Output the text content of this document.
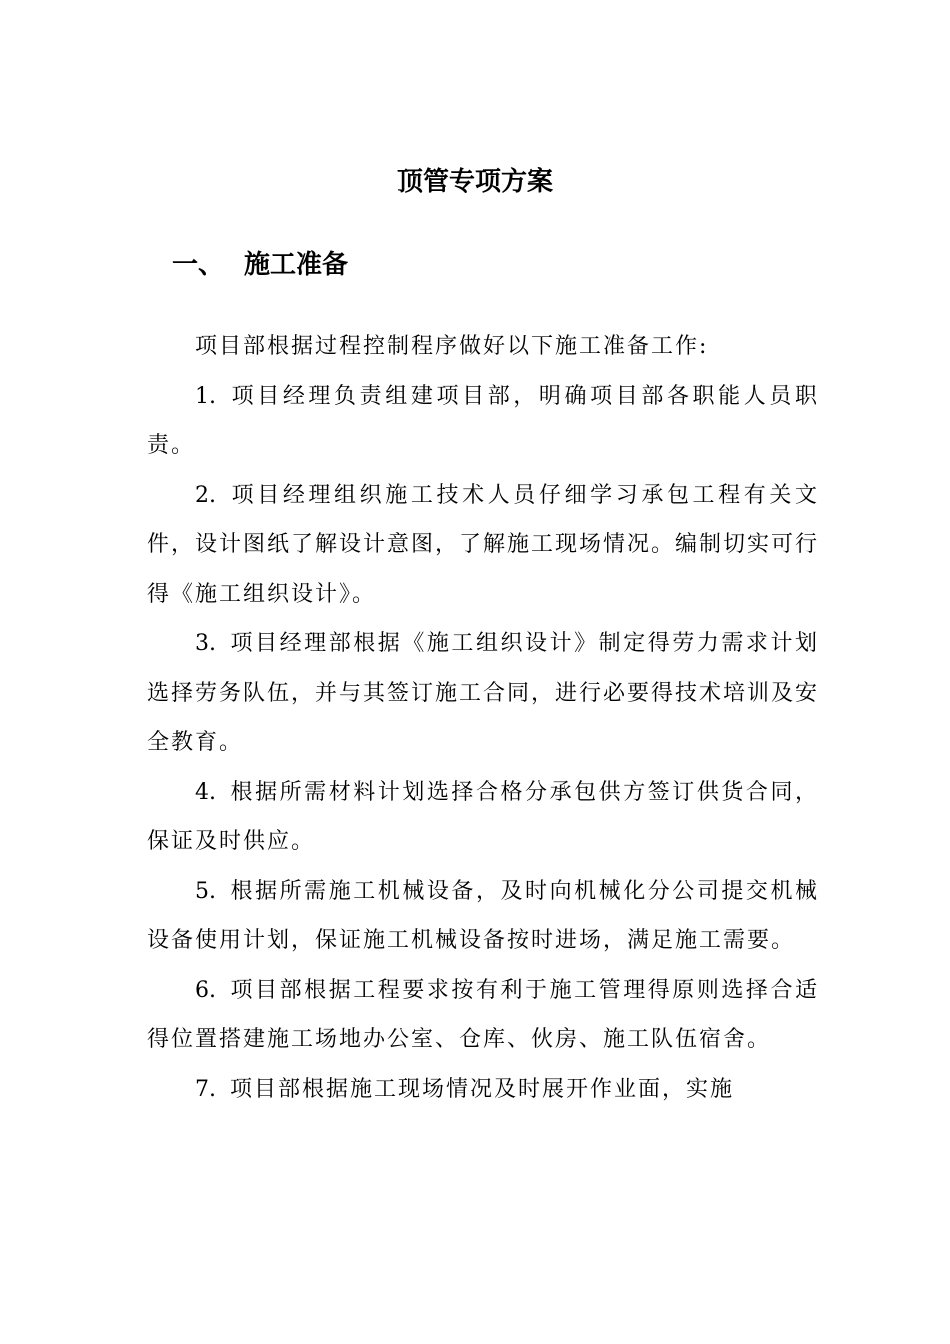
顶管专项方案
一、 施工准备

项目部根据过程控制程序做好以下施工准备工作:

1. 项目经理负责组建项目部，明确项目部各职能人员职责。

2. 项目经理组织施工技术人员仔细学习承包工程有关文件，设计图纸了解设计意图，了解施工现场情况。编制切实可行得《施工组织设计》。

3. 项目经理部根据《施工组织设计》制定得劳力需求计划选择劳务队伍，并与其签订施工合同，进行必要得技术培训及安全教育。

4. 根据所需材料计划选择合格分承包供方签订供货合同，保证及时供应。

5. 根据所需施工机械设备，及时向机械化分公司提交机械设备使用计划，保证施工机械设备按时进场，满足施工需要。

6. 项目部根据工程要求按有利于施工管理得原则选择合适得位置搭建施工场地办公室、仓库、伙房、施工队伍宿舍。

7. 项目部根据施工现场情况及时展开作业面，实施
